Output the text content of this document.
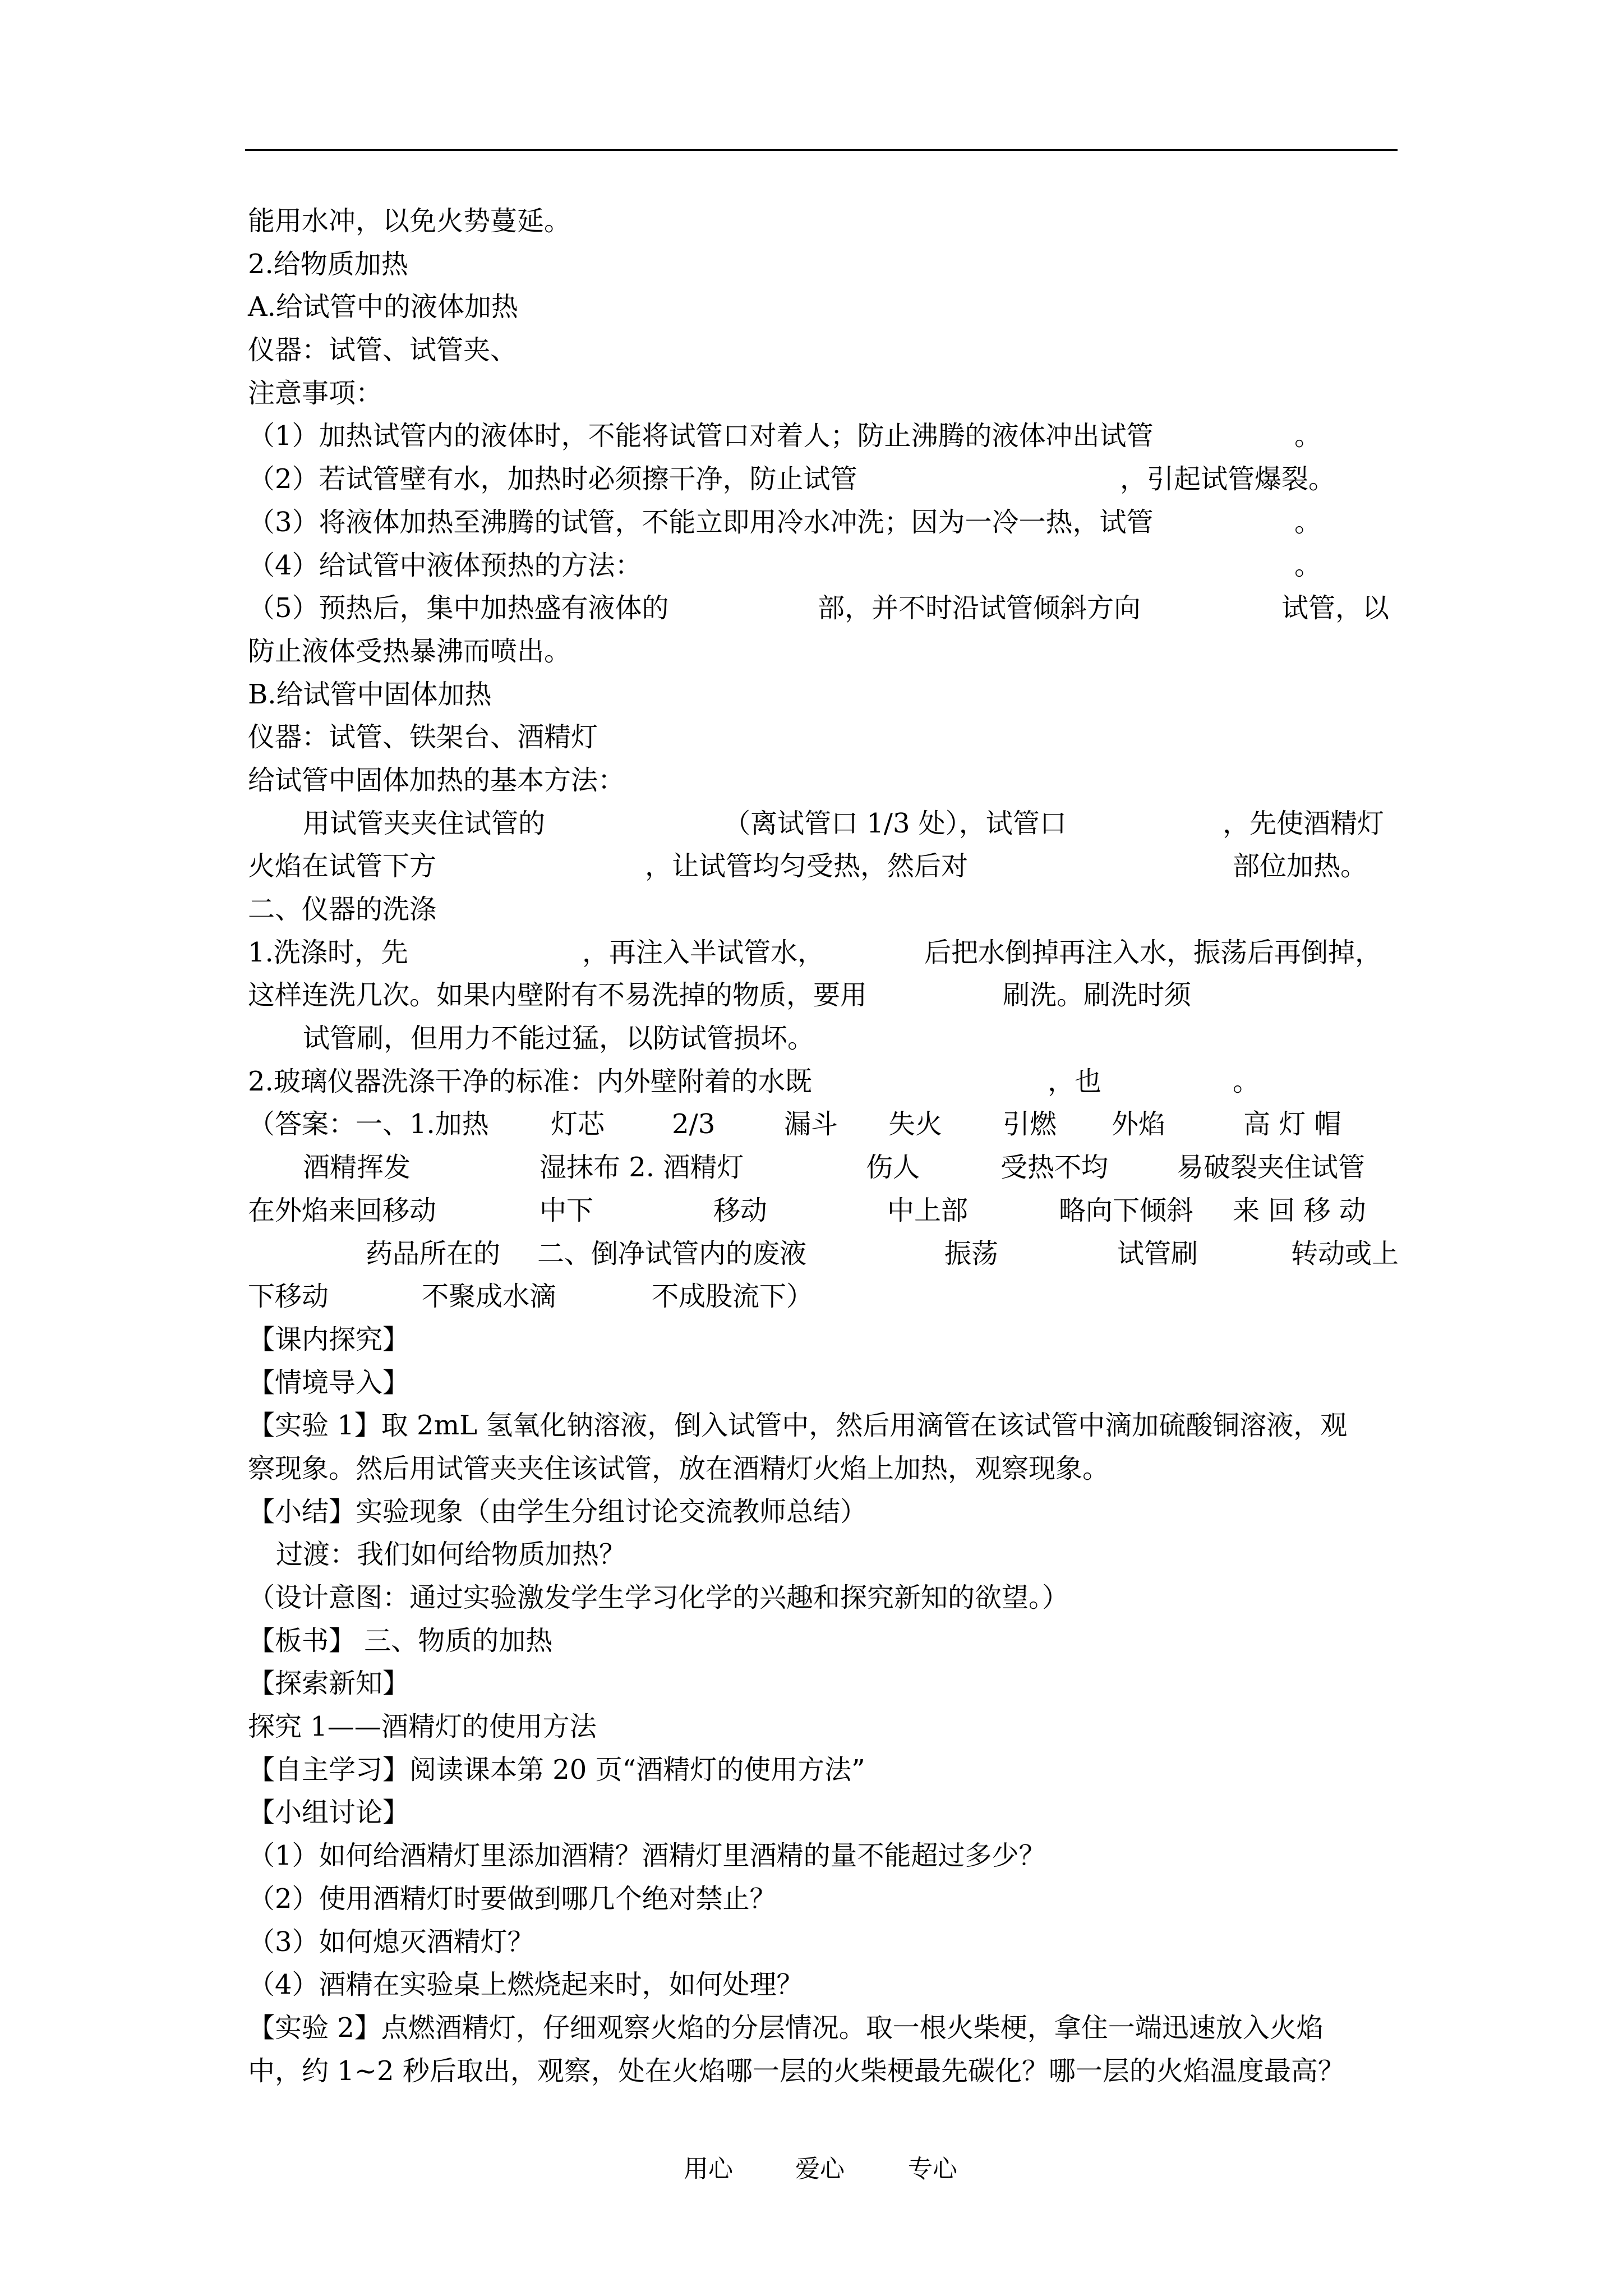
能用水冲，以免火势蔓延。
2.给物质加热
A.给试管中的液体加热
仪器：试管、试管夹、
注意事项：

（1）加热试管内的液体时，不能将试管口对着人；防止沸腾的液体冲出试管

	。

（2）若试管壁有水，加热时必须擦干净，防止试管

	，引起试管爆裂。

（3）将液体加热至沸腾的试管，不能立即用冷水冲洗；因为一冷一热，试管

	。

（4）给试管中液体预热的方法：

	。

（5）预热后，集中加热盛有液体的

	部，并不时沿试管倾斜方向

	试管，以

防止液体受热暴沸而喷出。
B.给试管中固体加热
仪器：试管、铁架台、酒精灯
给试管中固体加热的基本方法：

用试管夹夹住试管的

	（离试管口 1/3 处），试管口

	，先使酒精灯

火焰在试管下方

	，让试管均匀受热，然后对

	部位加热。

二、仪器的洗涤

1.洗涤时，先

	，再注入半试管水，

	后把水倒掉再注入水，振荡后再倒掉，

这样连洗几次。如果内壁附有不易洗掉的物质，要用

	刷洗。刷洗时须

试管刷，但用力不能过猛，以防试管损坏。

2.玻璃仪器洗涤干净的标准：内外壁附着的水既

	，也

	。

（答案：一、1.加热

灯芯

2/3

	漏斗

失火

引燃

外焰

	高 灯 帽

酒精挥发

	湿抹布 2. 酒精灯

	伤人

	受热不均

	易破裂夹住试管

在外焰来回移动

	中下

	移动

	中上部

	略向下倾斜

来 回 移 动

药品所在的

二、倒净试管内的废液

	振荡

	试管刷

	转动或上

下移动

	不聚成水滴

	不成股流下）

【课内探究】
【情境导入】
【实验 1】取 2mL 氢氧化钠溶液，倒入试管中，然后用滴管在该试管中滴加硫酸铜溶液，观
察现象。然后用试管夹夹住该试管，放在酒精灯火焰上加热，观察现象。
【小结】实验现象（由学生分组讨论交流教师总结）
过渡：我们如何给物质加热？
（设计意图：通过实验激发学生学习化学的兴趣和探究新知的欲望。）
【板书】 三、物质的加热
【探索新知】
探究 1——酒精灯的使用方法
【自主学习】阅读课本第 20 页“酒精灯的使用方法”
【小组讨论】
（1）如何给酒精灯里添加酒精？酒精灯里酒精的量不能超过多少？
（2）使用酒精灯时要做到哪几个绝对禁止？
（3）如何熄灭酒精灯？
（4）酒精在实验桌上燃烧起来时，如何处理？
【实验 2】点燃酒精灯，仔细观察火焰的分层情况。取一根火柴梗，拿住一端迅速放入火焰
中，约 1~2 秒后取出，观察，处在火焰哪一层的火柴梗最先碳化？哪一层的火焰温度最高？
用心	爱心	专心
